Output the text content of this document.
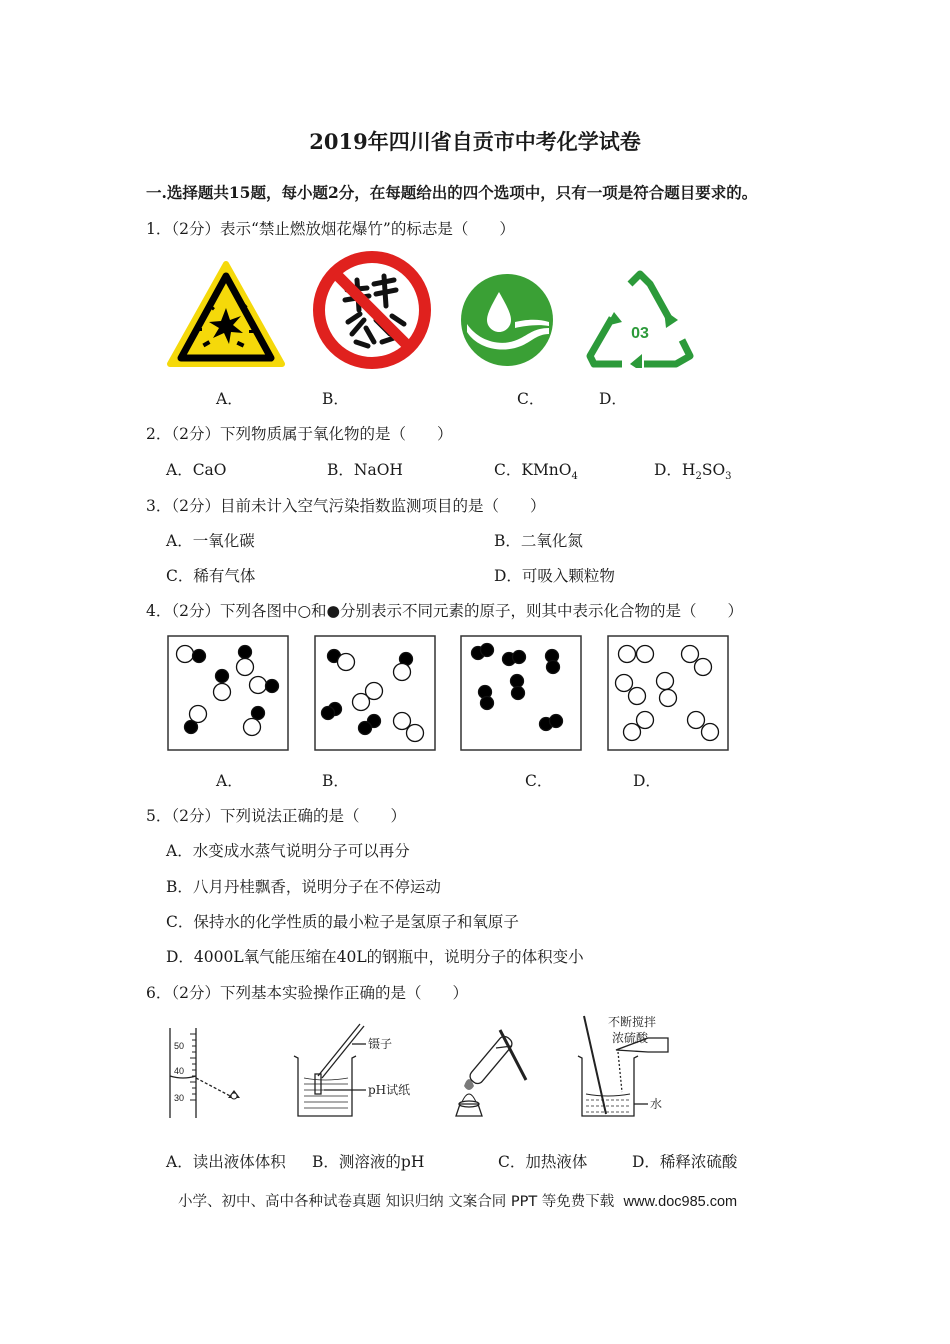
2019年四川省自贡市中考化学试卷
一.选择题共15题，每小题2分，在每题给出的四个选项中，只有一项是符合题目要求的。
1．（2分）表示“禁止燃放烟花爆竹”的标志是（　　）
03
A．	B．	C．	D．
2．（2分）下列物质属于氧化物的是（　　）
A．CaO	B．NaOH	C．KMnO$_4$	D．$H_2SO_3$
3．（2分）目前未计入空气污染指数监测项目的是（　　）
A．一氧化碳	B．二氧化氮
C．稀有气体	D．可吸入颗粒物
4．（2分）下列各图中○和●分别表示不同元素的原子，则其中表示化合物的是（　　）
A．	B．	C．	D．
5．（2分）下列说法正确的是（　　）
A．水变成水蒸气说明分子可以再分
B．八月丹桂飘香，说明分子在不停运动
C．保持水的化学性质的最小粒子是氢原子和氧原子
D．4000L氧气能压缩在40L的钢瓶中，说明分子的体积变小
6．（2分）下列基本实验操作正确的是（　　）
50
40
30
镊子
pH试纸
不断搅拌
浓硫酸
水
A．读出液体体积 B．测溶液的pH	C．加热液体	D．稀释浓硫酸
小学、初中、高中各种试卷真题 知识归纳 文案合同 PPT 等免费下载 www.doc985.com
